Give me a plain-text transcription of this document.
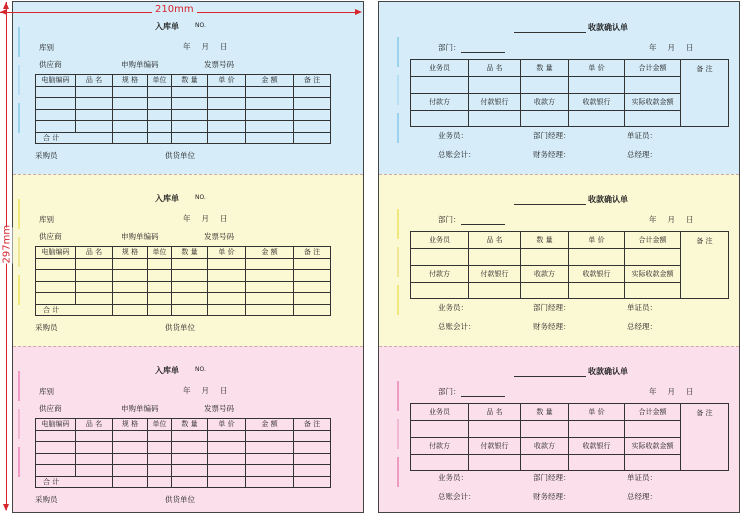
入库单	NO.
库别	年 月 日
供应商	申购单编码	发票号码
电脑编码	品 名	规 格	单位	数 量	单 价	金 额	备 注

合 计							
采购员	供货单位
入库单	NO.
库别	年 月 日
供应商	申购单编码	发票号码
电脑编码	品 名	规 格	单位	数 量	单 价	金 额	备 注

合 计							
采购员	供货单位
入库单	NO.
库别	年 月 日
供应商	申购单编码	发票号码
电脑编码	品 名	规 格	单位	数 量	单 价	金 额	备 注

合 计							
采购员	供货单位
210mm
297mm
收款确认单
部门：	年 月 日
业务员	品 名	数 量	单 价	合计金额	备 注

付款方	付款银行	收款方	收款银行	实际收款金额	

业务员：	部门经理：	单证员：
总账会计：	财务经理：	总经理：
收款确认单
部门：	年 月 日
业务员	品 名	数 量	单 价	合计金额	备 注

付款方	付款银行	收款方	收款银行	实际收款金额	

业务员：	部门经理：	单证员：
总账会计：	财务经理：	总经理：
收款确认单
部门：	年 月 日
业务员	品 名	数 量	单 价	合计金额	备 注

付款方	付款银行	收款方	收款银行	实际收款金额	

业务员：	部门经理：	单证员：
总账会计：	财务经理：	总经理：
